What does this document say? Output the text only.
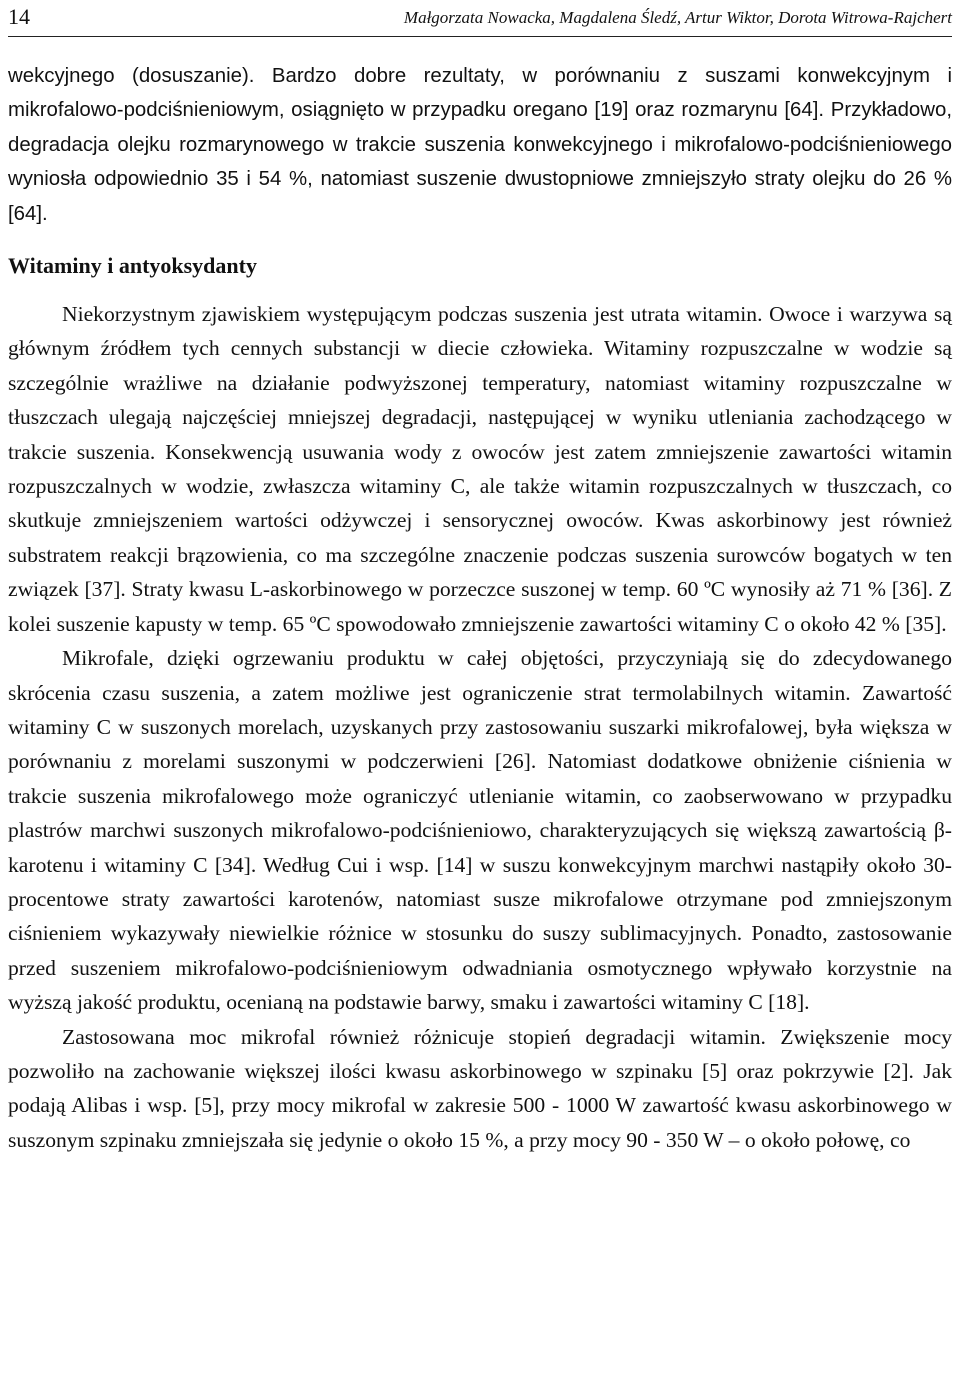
14	Małgorzata Nowacka, Magdalena Śledź, Artur Wiktor, Dorota Witrowa-Rajchert

wekcyjnego (dosuszanie). Bardzo dobre rezultaty, w porównaniu z suszami konwekcyjnym i mikrofalowo-podciśnieniowym, osiągnięto w przypadku oregano [19] oraz rozmarynu [64]. Przykładowo, degradacja olejku rozmarynowego w trakcie suszenia konwekcyjnego i mikrofalowo-podciśnieniowego wyniosła odpowiednio 35 i 54 %, natomiast suszenie dwustopniowe zmniejszyło straty olejku do 26 % [64].

Witaminy i antyoksydanty

Niekorzystnym zjawiskiem występującym podczas suszenia jest utrata witamin. Owoce i warzywa są głównym źródłem tych cennych substancji w diecie człowieka. Witaminy rozpuszczalne w wodzie są szczególnie wrażliwe na działanie podwyższonej temperatury, natomiast witaminy rozpuszczalne w tłuszczach ulegają najczęściej mniejszej degradacji, następującej w wyniku utleniania zachodzącego w trakcie suszenia. Konsekwencją usuwania wody z owoców jest zatem zmniejszenie zawartości witamin rozpuszczalnych w wodzie, zwłaszcza witaminy C, ale także witamin rozpuszczalnych w tłuszczach, co skutkuje zmniejszeniem wartości odżywczej i sensorycznej owoców. Kwas askorbinowy jest również substratem reakcji brązowienia, co ma szczególne znaczenie podczas suszenia surowców bogatych w ten związek [37]. Straty kwasu L-askorbinowego w porzeczce suszonej w temp. 60 ºC wynosiły aż 71 % [36]. Z kolei suszenie kapusty w temp. 65 ºC spowodowało zmniejszenie zawartości witaminy C o około 42 % [35].

Mikrofale, dzięki ogrzewaniu produktu w całej objętości, przyczyniają się do zdecydowanego skrócenia czasu suszenia, a zatem możliwe jest ograniczenie strat termolabilnych witamin. Zawartość witaminy C w suszonych morelach, uzyskanych przy zastosowaniu suszarki mikrofalowej, była większa w porównaniu z morelami suszonymi w podczerwieni [26]. Natomiast dodatkowe obniżenie ciśnienia w trakcie suszenia mikrofalowego może ograniczyć utlenianie witamin, co zaobserwowano w przypadku plastrów marchwi suszonych mikrofalowo-podciśnieniowo, charakteryzujących się większą zawartością β-karotenu i witaminy C [34]. Według Cui i wsp. [14] w suszu konwekcyjnym marchwi nastąpiły około 30-procentowe straty zawartości karotenów, natomiast susze mikrofalowe otrzymane pod zmniejszonym ciśnieniem wykazywały niewielkie różnice w stosunku do suszy sublimacyjnych. Ponadto, zastosowanie przed suszeniem mikrofalowo-podciśnieniowym odwadniania osmotycznego wpływało korzystnie na wyższą jakość produktu, ocenianą na podstawie barwy, smaku i zawartości witaminy C [18].

Zastosowana moc mikrofal również różnicuje stopień degradacji witamin. Zwiększenie mocy pozwoliło na zachowanie większej ilości kwasu askorbinowego w szpinaku [5] oraz pokrzywie [2]. Jak podają Alibas i wsp. [5], przy mocy mikrofal w zakresie 500 - 1000 W zawartość kwasu askorbinowego w suszonym szpinaku zmniejszała się jedynie o około 15 %, a przy mocy 90 - 350 W – o około połowę, co
